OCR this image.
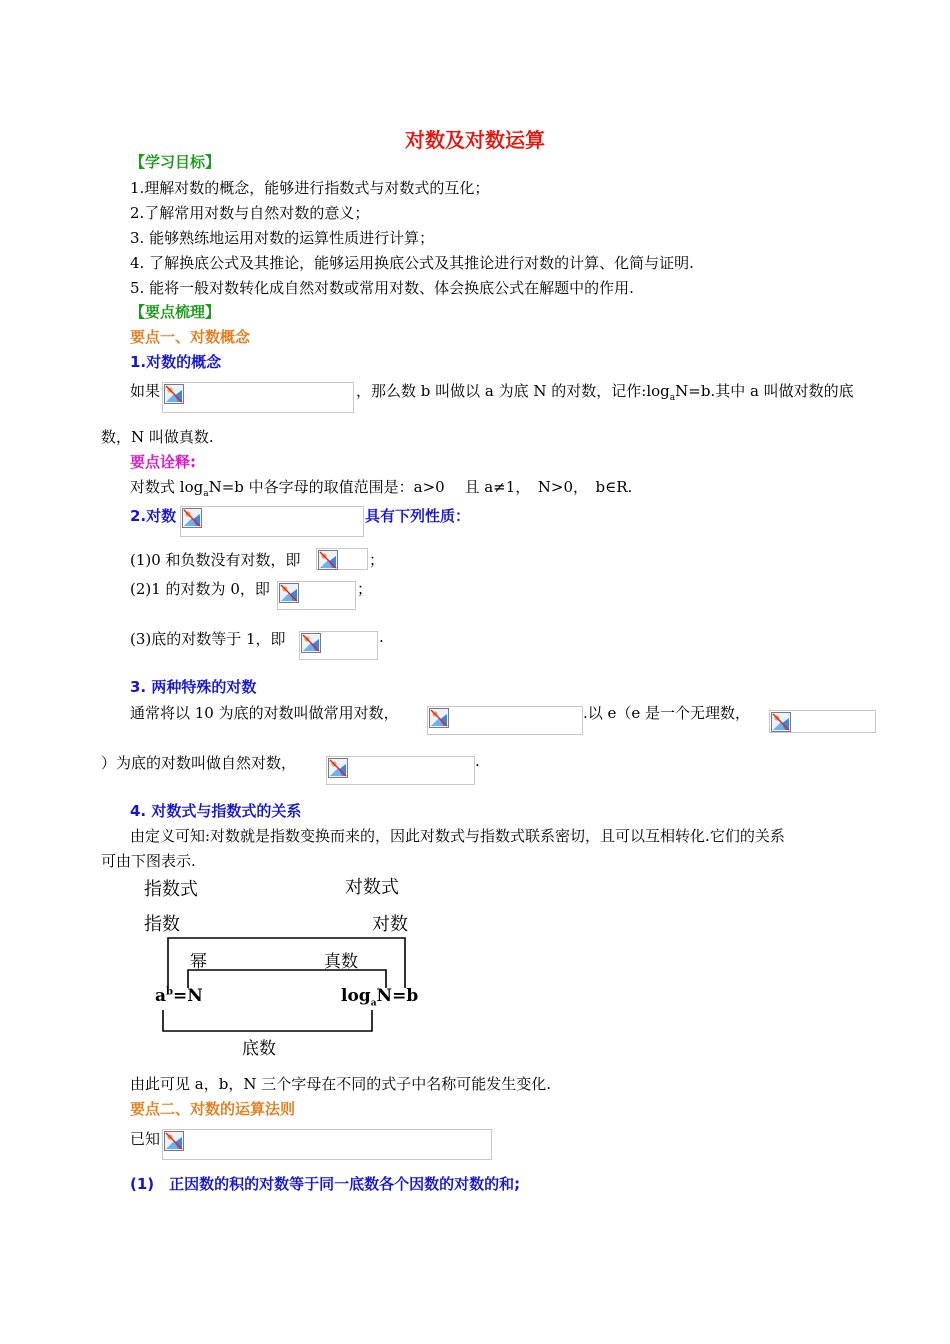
对数及对数运算
【学习目标】
1.理解对数的概念，能够进行指数式与对数式的互化；
2.了解常用对数与自然对数的意义；
3. 能够熟练地运用对数的运算性质进行计算；
4. 了解换底公式及其推论，能够运用换底公式及其推论进行对数的计算、化简与证明.
5. 能将一般对数转化成自然对数或常用对数、体会换底公式在解题中的作用.
【要点梳理】
要点一、对数概念
1.对数的概念
如果	，那么数 b 叫做以 a 为底 N 的对数，记作$:\log_aN=b$.其中 a 叫做对数的底
数，N 叫做真数.
要点诠释:
对数式 $\log_aN=b$ 中各字母的取值范围是：a>0　 且 a≠1，　N>0，　b∈R.
2.对数	具有下列性质：
(1)0 和负数没有对数，即	；
(2)1 的对数为 0，即	；
(3)底的对数等于 1，即	.
3. 两种特殊的对数
通常将以 10 为底的对数叫做常用对数，	.以 e（e 是一个无理数，
）为底的对数叫做自然对数，	.
4. 对数式与指数式的关系
由定义可知:对数就是指数变换而来的，因此对数式与指数式联系密切，且可以互相转化.它们的关系
可由下图表示.
指数式	对数式
指数	对数
幂	真数
$a^b=N$	$\log_aN=b$
底数
由此可见 a，b，N 三个字母在不同的式子中名称可能发生变化.
要点二、对数的运算法则
已知
(1)　正因数的积的对数等于同一底数各个因数的对数的和;
